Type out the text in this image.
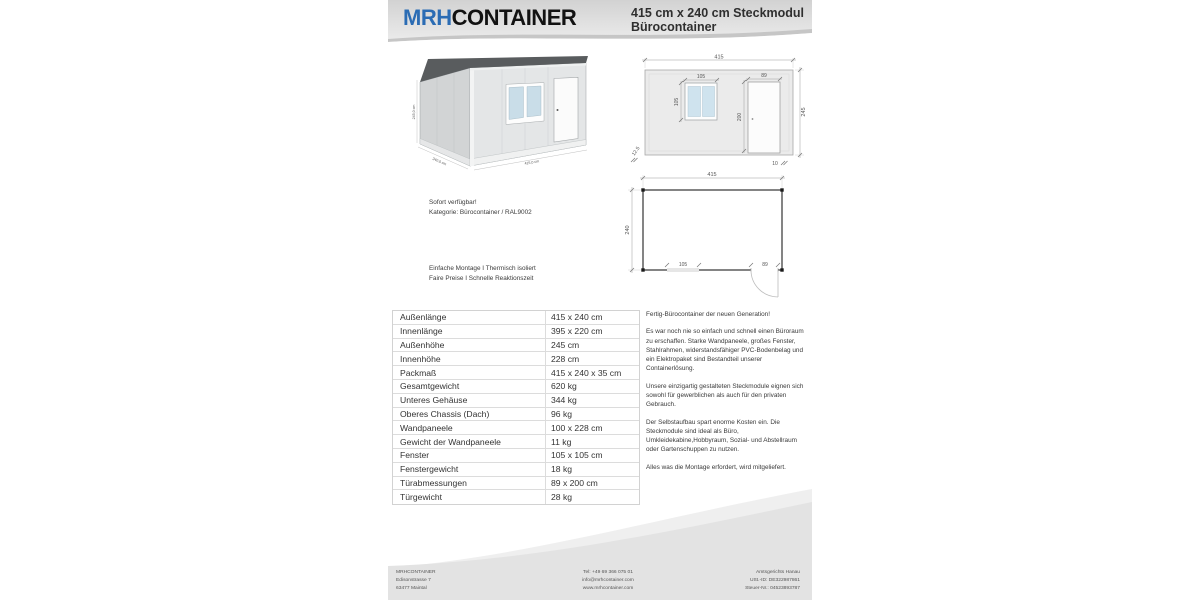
MRHCONTAINER	415 cm x 240 cm Steckmodul
Bürocontainer
245,0 cm
240,0 cm	415,0 cm
Sofort verfügbar!
Kategorie: Bürocontainer / RAL9002
Einfache Montage I Thermisch isoliert
Faire Preise I Schnelle Reaktionszeit
415
245
105
105
89
200
12.5
10
415
240
105	89
Außenlänge	415 x 240 cm
Innenlänge	395 x 220 cm
Außenhöhe	245 cm
Innenhöhe	228 cm
Packmaß	415 x 240 x 35 cm
Gesamtgewicht	620 kg
Unteres Gehäuse	344 kg
Oberes Chassis (Dach)	96 kg
Wandpaneele	100 x 228 cm
Gewicht der Wandpaneele	11 kg
Fenster	105 x 105 cm
Fenstergewicht	18 kg
Türabmessungen	89 x 200 cm
Türgewicht	28 kg

Fertig-Bürocontainer der neuen Generation!

Es war noch nie so einfach und schnell einen Büroraum zu erschaffen. Starke Wandpaneele, großes Fenster, Stahlrahmen, widerstandsfähiger PVC-Bodenbelag und ein Elektropaket sind Bestandteil unserer Containerlösung.

Unsere einzigartig gestalteten Steckmodule eignen sich sowohl für gewerblichen als auch für den privaten Gebrauch.

Der Selbstaufbau spart enorme Kosten ein. Die Steckmodule sind ideal als Büro, Umkleidekabine,Hobbyraum, Sozial- und Abstellraum oder Gartenschuppen zu nutzen.

Alles was die Montage erfordert, wird mitgeliefert.

MRHCONTAINER
Edisonstrasse 7
63477 Maintal
Tel: +49 69 366 075 01
info@mrhcontainer.com
www.mrhcontainer.com
Amtsgerichts Hanau
USt.-ID: DE322987861
Steuer-Nr.: 04523893787
